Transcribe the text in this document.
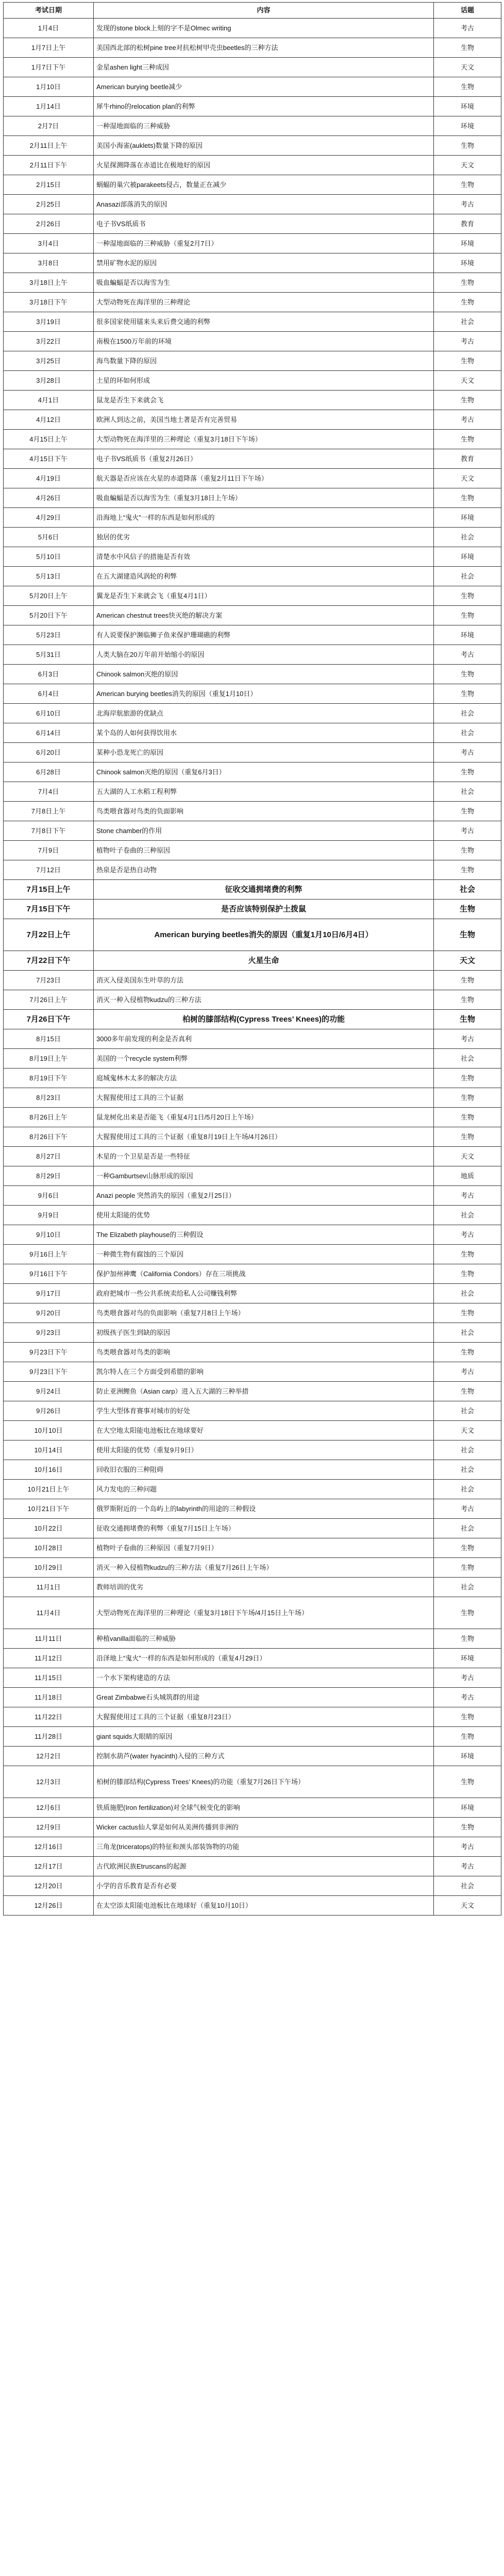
考试日期	内容	话题
1月4日	发现的stone block上刻的字不是Olmec writing	考古
1月7日上午	美国西北部的松树pine tree对抗松树甲壳虫beetles的三种方法	生物
1月7日下午	金星ashen light三种成因	天文
1月10日	American burying beetle减少	生物
1月14日	犀牛rhino的relocation plan的利弊	环境
2月7日	一种湿地面临的三种威胁	环境
2月11日上午	美国小海雀(auklets)数量下降的原因	生物
2月11日下午	火星探测降落在赤道比在极地好的原因	天文
2月15日	蜗蝠的巢穴被parakeets侵占，数量正在减少	生物
2月25日	Anasazi部落消失的原因	考古
2月26日	电子书VS纸质书	教育
3月4日	一种湿地面临的三种威胁（重复2月7日）	环境
3月8日	禁用矿物水泥的原因	环境
3月18日上午	吸血蝙蝠是否以海雪为生	生物
3月18日下午	大型动物死在海洋里的三种理论	生物
3月19日	很多国家使用镭来头来后费交通的利弊	社会
3月22日	南极在1500万年前的环境	考古
3月25日	海鸟数量下降的原因	生物
3月28日	土星的环如何形成	天文
4月1日	鼠龙是否生下来就会飞	生物
4月12日	欧洲人到达之前，美国当地土著是否有完善贸易	考古
4月15日上午	大型动物死在海洋里的三种理论（重复3月18日下午场）	生物
4月15日下午	电子书VS纸质书（重复2月26日）	教育
4月19日	航天器是否应该在火星的赤道降落（重复2月11日下午场）	天文
4月26日	吸血蝙蝠是否以海雪为生（重复3月18日上午场）	生物
4月29日	沿海地上“鬼火”一样的东西是如何形成的	环境
5月6日	独居的优劣	社会
5月10日	清楚水中风信子的措施是否有效	环境
5月13日	在五大湖建造风涡轮的利弊	社会
5月20日上午	翼龙是否生下来就会飞（重复4月1日）	生物
5月20日下午	American chestnut trees快灭绝的解决方案	生物
5月23日	有人说要保护濒临狮子鱼来保护珊瑚礁的利弊	环境
5月31日	人类大脑在20万年前开始缩小的原因	考古
6月3日	Chinook salmon灭绝的原因	生物
6月4日	American burying beetles消失的原因（重复1月10日）	生物
6月10日	北海岸航旅游的优缺点	社会
6月14日	某个岛的人如何获得饮用水	社会
6月20日	某种小恐龙死亡的原因	考古
6月28日	Chinook salmon灭绝的原因（重复6月3日）	生物
7月4日	五大湖的人工水稻工程利弊	社会
7月8日上午	鸟类喂食器对鸟类的负面影响	生物
7月8日下午	Stone chamber的作用	考古
7月9日	植物叶子卷曲的三种原因	生物
7月12日	热泉是否是热自动物	生物
7月15日上午	征收交通拥堵费的利弊	社会
7月15日下午	是否应该特别保护土拨鼠	生物
7月22日上午	American burying beetles消失的原因（重复1月10日/6月4日）	生物
7月22日下午	火星生命	天文
7月23日	消灭入侵美国东生叶草的方法	生物
7月26日上午	消灭一种入侵植物kudzu的三种方法	生物
7月26日下午	柏树的膝部结构(Cypress Trees’ Knees)的功能	生物
8月15日	3000多年前发现的利金是否真利	考古
8月19日上午	美国的一个recycle system利弊	社会
8月19日下午	庭城鬼林木太多的解决方法	生物
8月23日	大猩猩使用过工具的三个证据	生物
8月26日上午	鼠龙树化出来是否能飞（重复4月1日/5月20日上午场）	生物
8月26日下午	大猩猩使用过工具的三个证据（重复8月19日上午场/4月26日）	生物
8月27日	木星的一个卫星是否是一些特征	天文
8月29日	一种Gamburtsev山脉形成的原因	地质
9月6日	Anazi people 突然消失的原因（重复2月25日）	考古
9月9日	使用太阳能的优势	社会
9月10日	The Elizabeth playhouse的三种假设	考古
9月16日上午	一种微生物有腐蚀的三个原因	生物
9月16日下午	保护加州神鹰（California Condors）存在三项挑战	生物
9月17日	政府把城市一些公共系统卖给私人公司赚钱利弊	社会
9月20日	鸟类喂食器对鸟的负面影响（重复7月8日上午场）	生物
9月23日	初级孩子医生到缺的原因	社会
9月23日下午	鸟类喂食器对鸟类的影响	生物
9月23日下午	凯尔特人在三个方面受到希腊的影响	考古
9月24日	防止亚洲鲤鱼（Asian carp）进入五大湖的三种举措	生物
9月26日	学生大型体育赛事对城市的好处	社会
10月10日	在大空地太阳能电池板比在地球要好	天文
10月14日	使用太阳能的优势（重复9月9日）	社会
10月16日	回收旧衣服的三种阻碍	社会
10月21日上午	风力发电的三种问题	社会
10月21日下午	俄罗斯附近的一个岛屿上的labyrinth的用途的三种假设	考古
10月22日	征收交通拥堵费的利弊（重复7月15日上午场）	社会
10月28日	植物叶子卷曲的三种原因（重复7月9日）	生物
10月29日	消灭一种入侵植物kudzu的三种方法（重复7月26日上午场）	生物
11月1日	教师培训的优劣	社会
11月4日	大型动物死在海洋里的三种理论（重复3月18日下午场/4月15日上午场）	生物
11月11日	种植vanilla面临的三种威胁	生物
11月12日	沿泽地上“鬼火”一样的东西是如何形成的（重复4月29日）	环境
11月15日	一个水下架构建造的方法	考古
11月18日	Great Zimbabwe石头城筑群的用途	考古
11月22日	大猩猩使用过工具的三个证据（重复8月23日）	生物
11月28日	giant squids大眼睛的原因	生物
12月2日	控制水葫芦(water hyacinth)入侵的三种方式	环境
12月3日	柏树的膝部结构(Cypress Trees’ Knees)的功能（重复7月26日下午场）	生物
12月6日	铁质施肥(Iron fertilization)对全球气候变化的影响	环境
12月9日	Wicker cactus仙人掌是如何从美洲传播到非洲的	生物
12月16日	三角龙(triceratops)的特征和颈头部装饰物的功能	考古
12月17日	古代欧洲民族Etruscans的起源	考古
12月20日	小学的音乐教育是否有必要	社会
12月26日	在太空添太阳能电池板比在地球好（重复10月10日）	天文
